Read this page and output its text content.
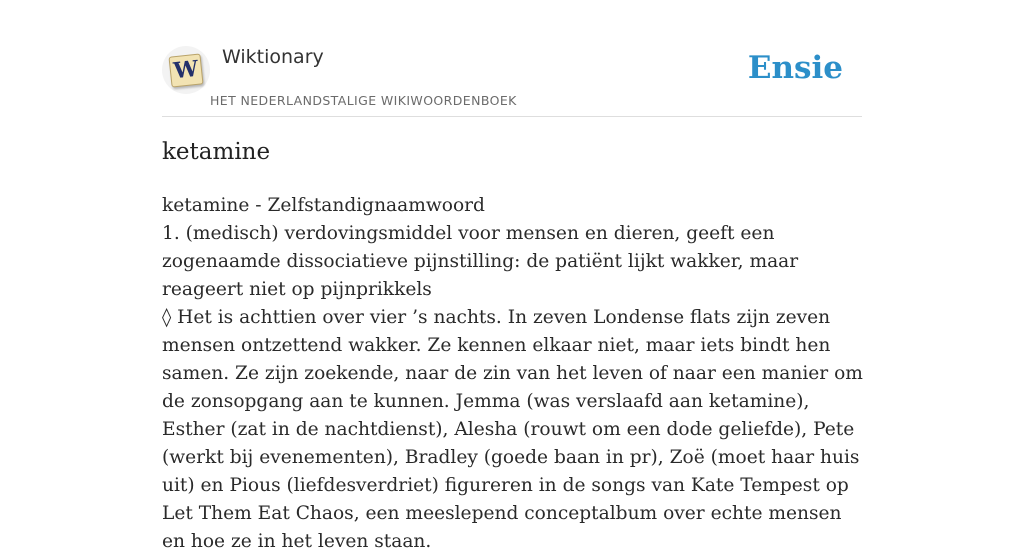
W Wiktionary
HET NEDERLANDSTALIGE WIKIWOORDENBOEK
Ensie
ketamine

ketamine - Zelfstandignaamwoord

1. (medisch) verdovingsmiddel voor mensen en dieren, geeft een zogenaamde dissociatieve pijnstilling: de patiënt lijkt wakker, maar reageert niet op pijnprikkels

◊ Het is achttien over vier ’s nachts. In zeven Londense flats zijn zeven mensen ontzettend wakker. Ze kennen elkaar niet, maar iets bindt hen samen. Ze zijn zoekende, naar de zin van het leven of naar een manier om de zonsopgang aan te kunnen. Jemma (was verslaafd aan ketamine), Esther (zat in de nachtdienst), Alesha (rouwt om een dode geliefde), Pete (werkt bij evenementen), Bradley (goede baan in pr), Zoë (moet haar huis uit) en Pious (liefdesverdriet) figureren in de songs van Kate Tempest op Let Them Eat Chaos, een meeslepend conceptalbum over echte mensen en hoe ze in het leven staan.
